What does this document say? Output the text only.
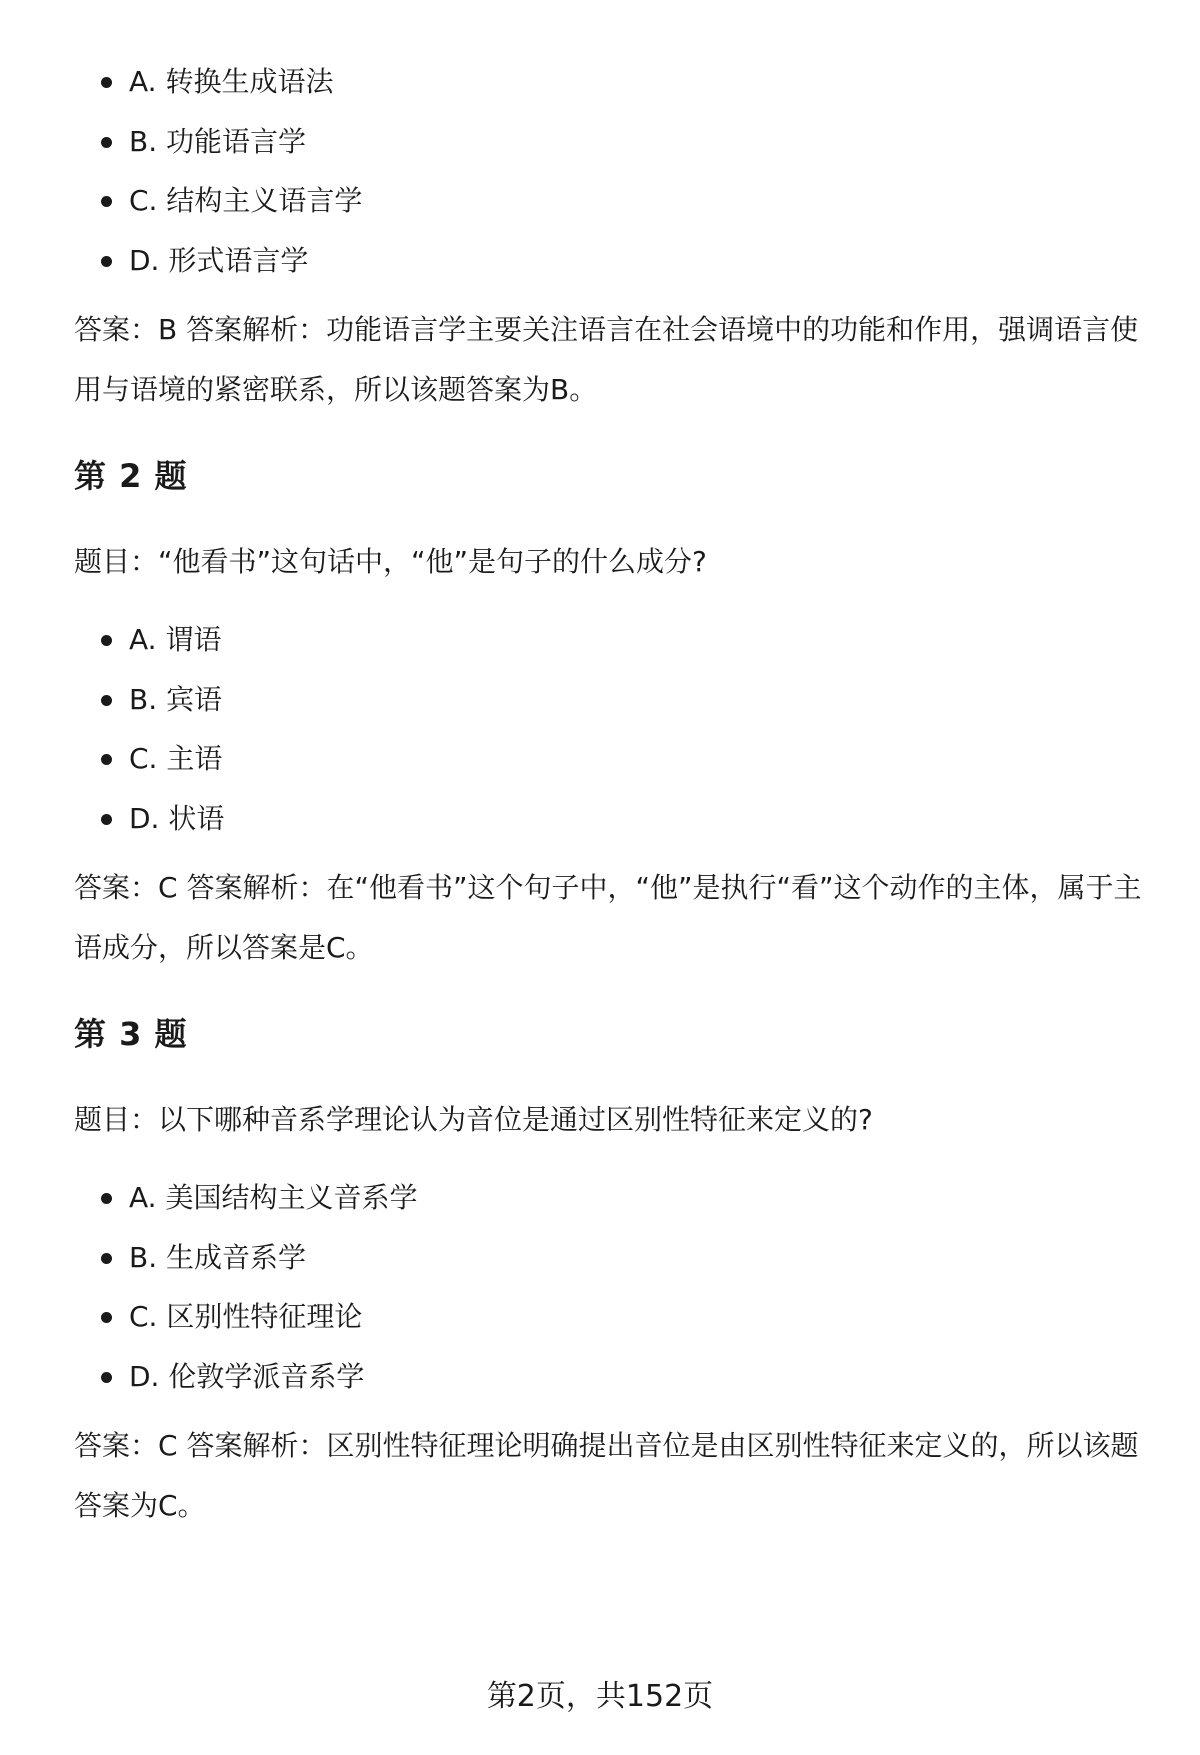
A. 转换生成语法
B. 功能语言学
C. 结构主义语言学
D. 形式语言学

答案：B 答案解析：功能语言学主要关注语言在社会语境中的功能和作用，强调语言使用与语境的紧密联系，所以该题答案为B。

第 2 题

题目：“他看书”这句话中，“他”是句子的什么成分?

A. 谓语
B. 宾语
C. 主语
D. 状语

答案：C 答案解析：在“他看书”这个句子中，“他”是执行“看”这个动作的主体，属于主语成分，所以答案是C。

第 3 题

题目：以下哪种音系学理论认为音位是通过区别性特征来定义的?

A. 美国结构主义音系学
B. 生成音系学
C. 区别性特征理论
D. 伦敦学派音系学

答案：C 答案解析：区别性特征理论明确提出音位是由区别性特征来定义的，所以该题答案为C。

第2页，共152页
